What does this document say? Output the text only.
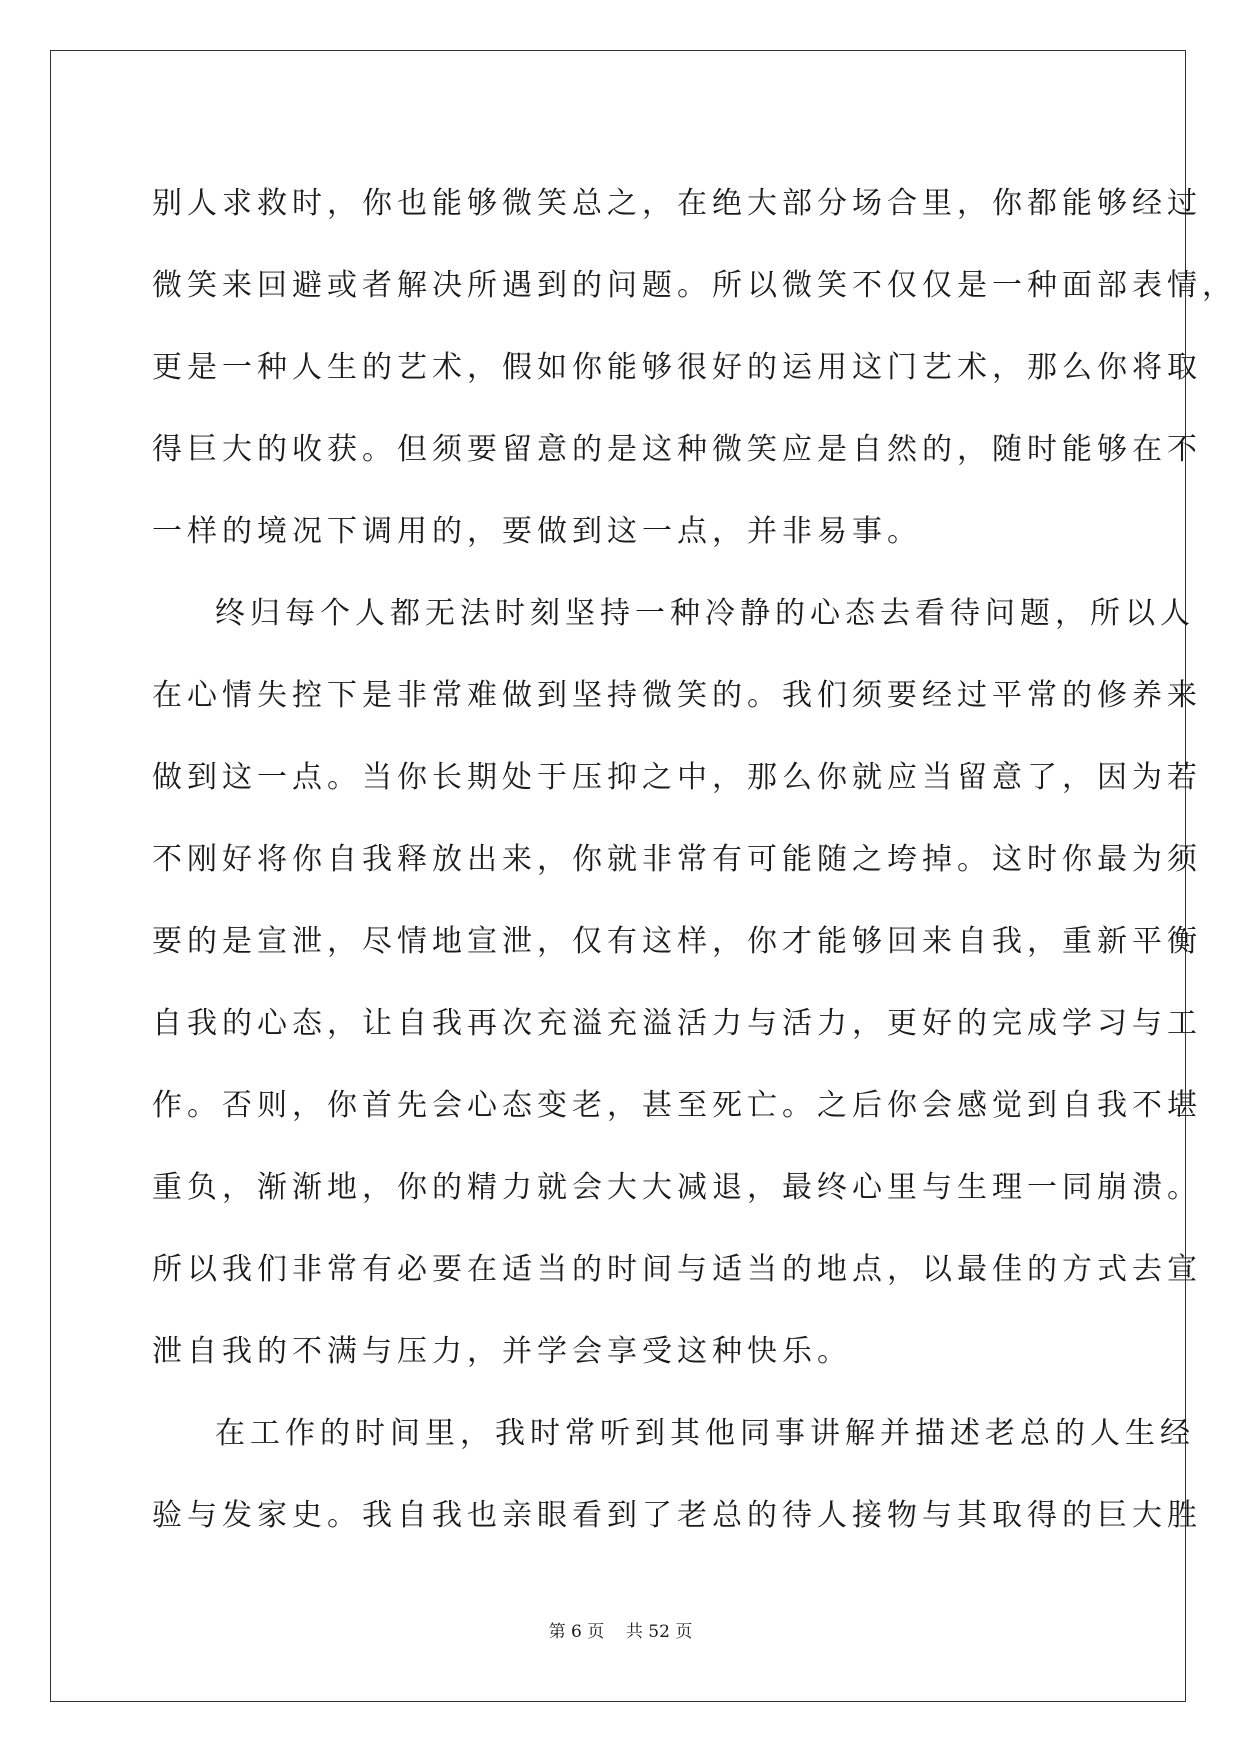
别人求救时，你也能够微笑总之，在绝大部分场合里，你都能够经过
微笑来回避或者解决所遇到的问题。所以微笑不仅仅是一种面部表情，
更是一种人生的艺术，假如你能够很好的运用这门艺术，那么你将取
得巨大的收获。但须要留意的是这种微笑应是自然的，随时能够在不
一样的境况下调用的，要做到这一点，并非易事。
终归每个人都无法时刻坚持一种冷静的心态去看待问题，所以人
在心情失控下是非常难做到坚持微笑的。我们须要经过平常的修养来
做到这一点。当你长期处于压抑之中，那么你就应当留意了，因为若
不刚好将你自我释放出来，你就非常有可能随之垮掉。这时你最为须
要的是宣泄，尽情地宣泄，仅有这样，你才能够回来自我，重新平衡
自我的心态，让自我再次充溢充溢活力与活力，更好的完成学习与工
作。否则，你首先会心态变老，甚至死亡。之后你会感觉到自我不堪
重负，渐渐地，你的精力就会大大减退，最终心里与生理一同崩溃。
所以我们非常有必要在适当的时间与适当的地点，以最佳的方式去宣
泄自我的不满与压力，并学会享受这种快乐。
在工作的时间里，我时常听到其他同事讲解并描述老总的人生经
验与发家史。我自我也亲眼看到了老总的待人接物与其取得的巨大胜
第 6 页    共 52 页
